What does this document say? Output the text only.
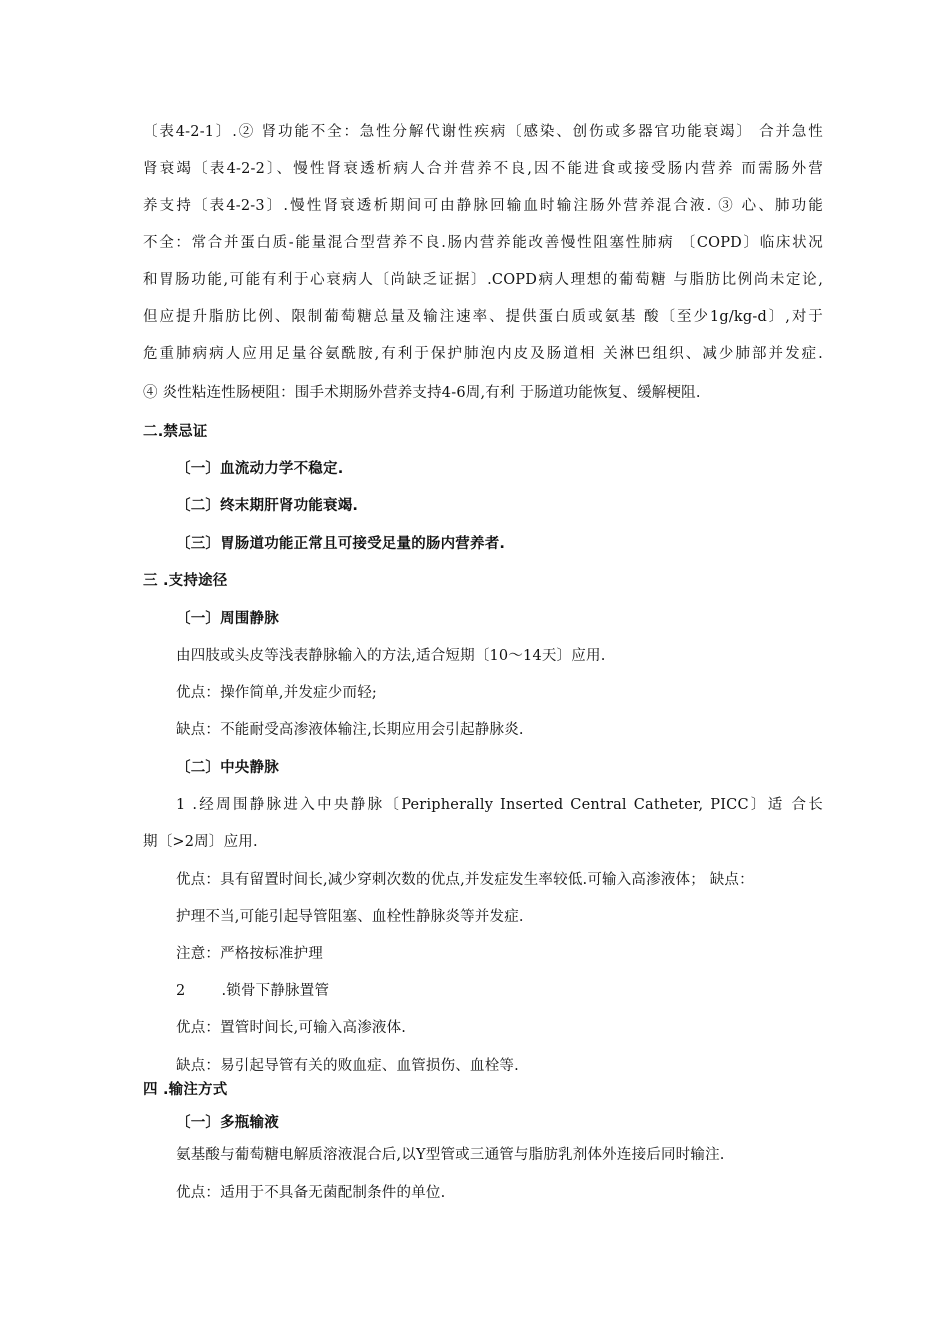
〔表4-2-1〕.② 肾功能不全：急性分解代谢性疾病〔感染、创伤或多器官功能衰竭〕 合并急性
肾衰竭〔表4-2-2〕、慢性肾衰透析病人合并营养不良,因不能进食或接受肠内营养 而需肠外营
养支持〔表4-2-3〕.慢性肾衰透析期间可由静脉回输血时输注肠外营养混合液. ③ 心、肺功能
不全：常合并蛋白质-能量混合型营养不良.肠内营养能改善慢性阻塞性肺病 〔COPD〕临床状况
和胃肠功能,可能有利于心衰病人〔尚缺乏证据〕.COPD病人理想的葡萄糖 与脂肪比例尚未定论,
但应提升脂肪比例、限制葡萄糖总量及输注速率、提供蛋白质或氨基 酸〔至少1g/kg-d〕,对于
危重肺病病人应用足量谷氨酰胺,有利于保护肺泡内皮及肠道相 关淋巴组织、减少肺部并发症.
④ 炎性粘连性肠梗阻：围手术期肠外营养支持4-6周,有利 于肠道功能恢复、缓解梗阻.
二.禁忌证
〔一〕血流动力学不稳定.
〔二〕终末期肝肾功能衰竭.
〔三〕胃肠道功能正常且可接受足量的肠内营养者.
三 .支持途径
〔一〕周围静脉
由四肢或头皮等浅表静脉输入的方法,适合短期〔10〜14天〕应用.
优点：操作简单,并发症少而轻;
缺点：不能耐受高渗液体输注,长期应用会引起静脉炎.
〔二〕中央静脉
1 .经周围静脉进入中央静脉〔Peripherally Inserted Central Catheter, PICC〕适 合长
期〔>2周〕应用.
优点：具有留置时间长,减少穿刺次数的优点,并发症发生率较低.可输入高渗液体； 缺点：
护理不当,可能引起导管阻塞、血栓性静脉炎等并发症.
注意：严格按标准护理
2 .锁骨下静脉置管
优点：置管时间长,可输入高渗液体.
缺点：易引起导管有关的败血症、血管损伤、血栓等.
四 .输注方式
〔一〕多瓶输液
氨基酸与葡萄糖电解质溶液混合后,以Y型管或三通管与脂肪乳剂体外连接后同时输注.
优点：适用于不具备无菌配制条件的单位.
